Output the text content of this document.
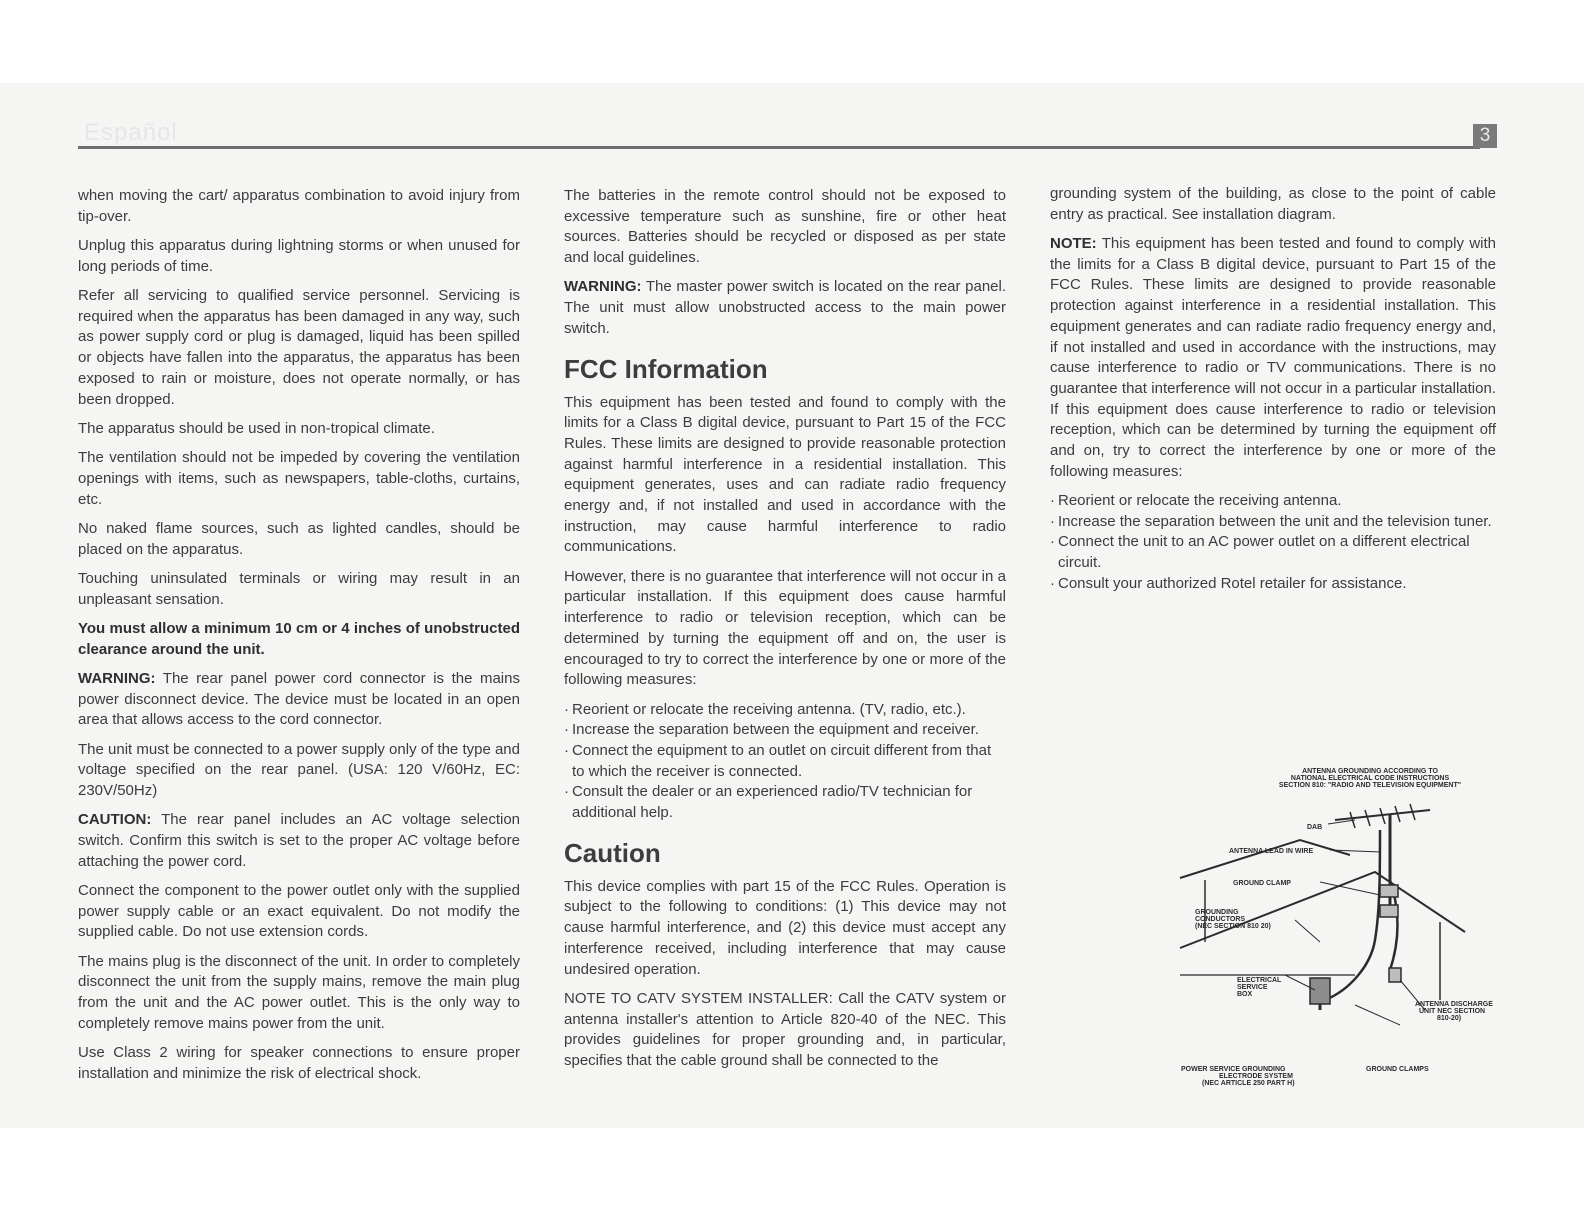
Español	3

when moving the cart/ apparatus combination to avoid injury from tip-over.

Unplug this apparatus during lightning storms or when unused for long periods of time.

Refer all servicing to qualified service personnel. Servicing is required when the apparatus has been damaged in any way, such as power supply cord or plug is damaged, liquid has been spilled or objects have fallen into the apparatus, the apparatus has been exposed to rain or moisture, does not operate normally, or has been dropped.

The apparatus should be used in non-tropical climate.

The ventilation should not be impeded by covering the ventilation openings with items, such as newspapers, table-cloths, curtains, etc.

No naked flame sources, such as lighted candles, should be placed on the apparatus.

Touching uninsulated terminals or wiring may result in an unpleasant sensation.

You must allow a minimum 10 cm or 4 inches of unobstructed clearance around the unit.

WARNING: The rear panel power cord connector is the mains power disconnect device. The device must be located in an open area that allows access to the cord connector.

The unit must be connected to a power supply only of the type and voltage specified on the rear panel. (USA: 120 V/60Hz, EC: 230V/50Hz)

CAUTION: The rear panel includes an AC voltage selection switch. Confirm this switch is set to the proper AC voltage before attaching the power cord.

Connect the component to the power outlet only with the supplied power supply cable or an exact equivalent. Do not modify the supplied cable. Do not use extension cords.

The mains plug is the disconnect of the unit. In order to completely disconnect the unit from the supply mains, remove the main plug from the unit and the AC power outlet. This is the only way to completely remove mains power from the unit.

Use Class 2 wiring for speaker connections to ensure proper installation and minimize the risk of electrical shock.

The batteries in the remote control should not be exposed to excessive temperature such as sunshine, fire or other heat sources. Batteries should be recycled or disposed as per state and local guidelines.

WARNING: The master power switch is located on the rear panel. The unit must allow unobstructed access to the main power switch.

FCC Information

This equipment has been tested and found to comply with the limits for a Class B digital device, pursuant to Part 15 of the FCC Rules. These limits are designed to provide reasonable protection against harmful interference in a residential installation. This equipment generates, uses and can radiate radio frequency energy and, if not installed and used in accordance with the instruction, may cause harmful interference to radio communications.

However, there is no guarantee that interference will not occur in a particular installation. If this equipment does cause harmful interference to radio or television reception, which can be determined by turning the equipment off and on, the user is encouraged to try to correct the interference by one or more of the following measures:

· Reorient or relocate the receiving antenna. (TV, radio, etc.).
· Increase the separation between the equipment and receiver.
· Connect the equipment to an outlet on circuit different from that to which the receiver is connected.
· Consult the dealer or an experienced radio/TV technician for additional help.
Caution

This device complies with part 15 of the FCC Rules. Operation is subject to the following to conditions: (1) This device may not cause harmful interference, and (2) this device must accept any interference received, including interference that may cause undesired operation.

NOTE TO CATV SYSTEM INSTALLER: Call the CATV system or antenna installer's attention to Article 820-40 of the NEC. This provides guidelines for proper grounding and, in particular, specifies that the cable ground shall be connected to the

grounding system of the building, as close to the point of cable entry as practical. See installation diagram.

NOTE: This equipment has been tested and found to comply with the limits for a Class B digital device, pursuant to Part 15 of the FCC Rules. These limits are designed to provide reasonable protection against interference in a residential installation. This equipment generates and can radiate radio frequency energy and, if not installed and used in accordance with the instructions, may cause interference to radio or TV communications. There is no guarantee that interference will not occur in a particular installation. If this equipment does cause interference to radio or television reception, which can be determined by turning the equipment off and on, try to correct the interference by one or more of the following measures:

· Reorient or relocate the receiving antenna.
· Increase the separation between the unit and the television tuner.
· Connect the unit to an AC power outlet on a different electrical circuit.
· Consult your authorized Rotel retailer for assistance.
ANTENNA GROUNDING ACCORDING TO
NATIONAL ELECTRICAL CODE INSTRUCTIONS
SECTION 810: "RADIO AND TELEVISION EQUIPMENT"
DAB
ANTENNA LEAD IN WIRE
GROUND CLAMP
GROUNDING
CONDUCTORS
(NEC SECTION 810 20)
ELECTRICAL
SERVICE
BOX
ANTENNA DISCHARGE
UNIT NEC SECTION
810-20)
POWER SERVICE GROUNDING
ELECTRODE SYSTEM
(NEC ARTICLE 250 PART H)
GROUND CLAMPS
